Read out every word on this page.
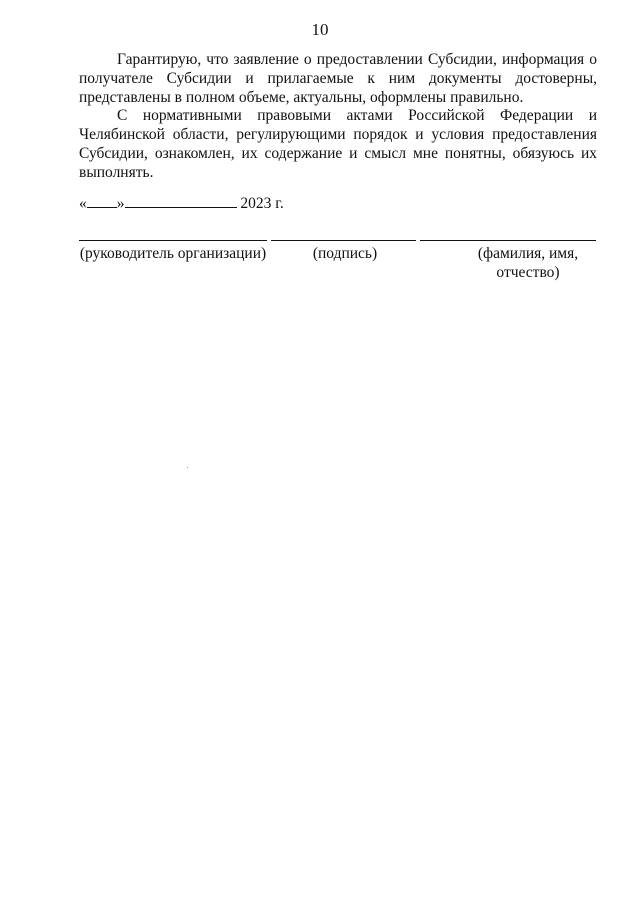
10

Гарантирую, что заявление о предоставлении Субсидии, информация о получателе Субсидии и прилагаемые к ним документы достоверны, представлены в полном объеме, актуальны, оформлены правильно.

С нормативными правовыми актами Российской Федерации и Челябинской области, регулирующими порядок и условия предоставления Субсидии, ознакомлен, их содержание и смысл мне понятны, обязуюсь их выполнять.

« »	2023 г.
(руководитель организации)	(подпись)	(фамилия, имя, отчество)
